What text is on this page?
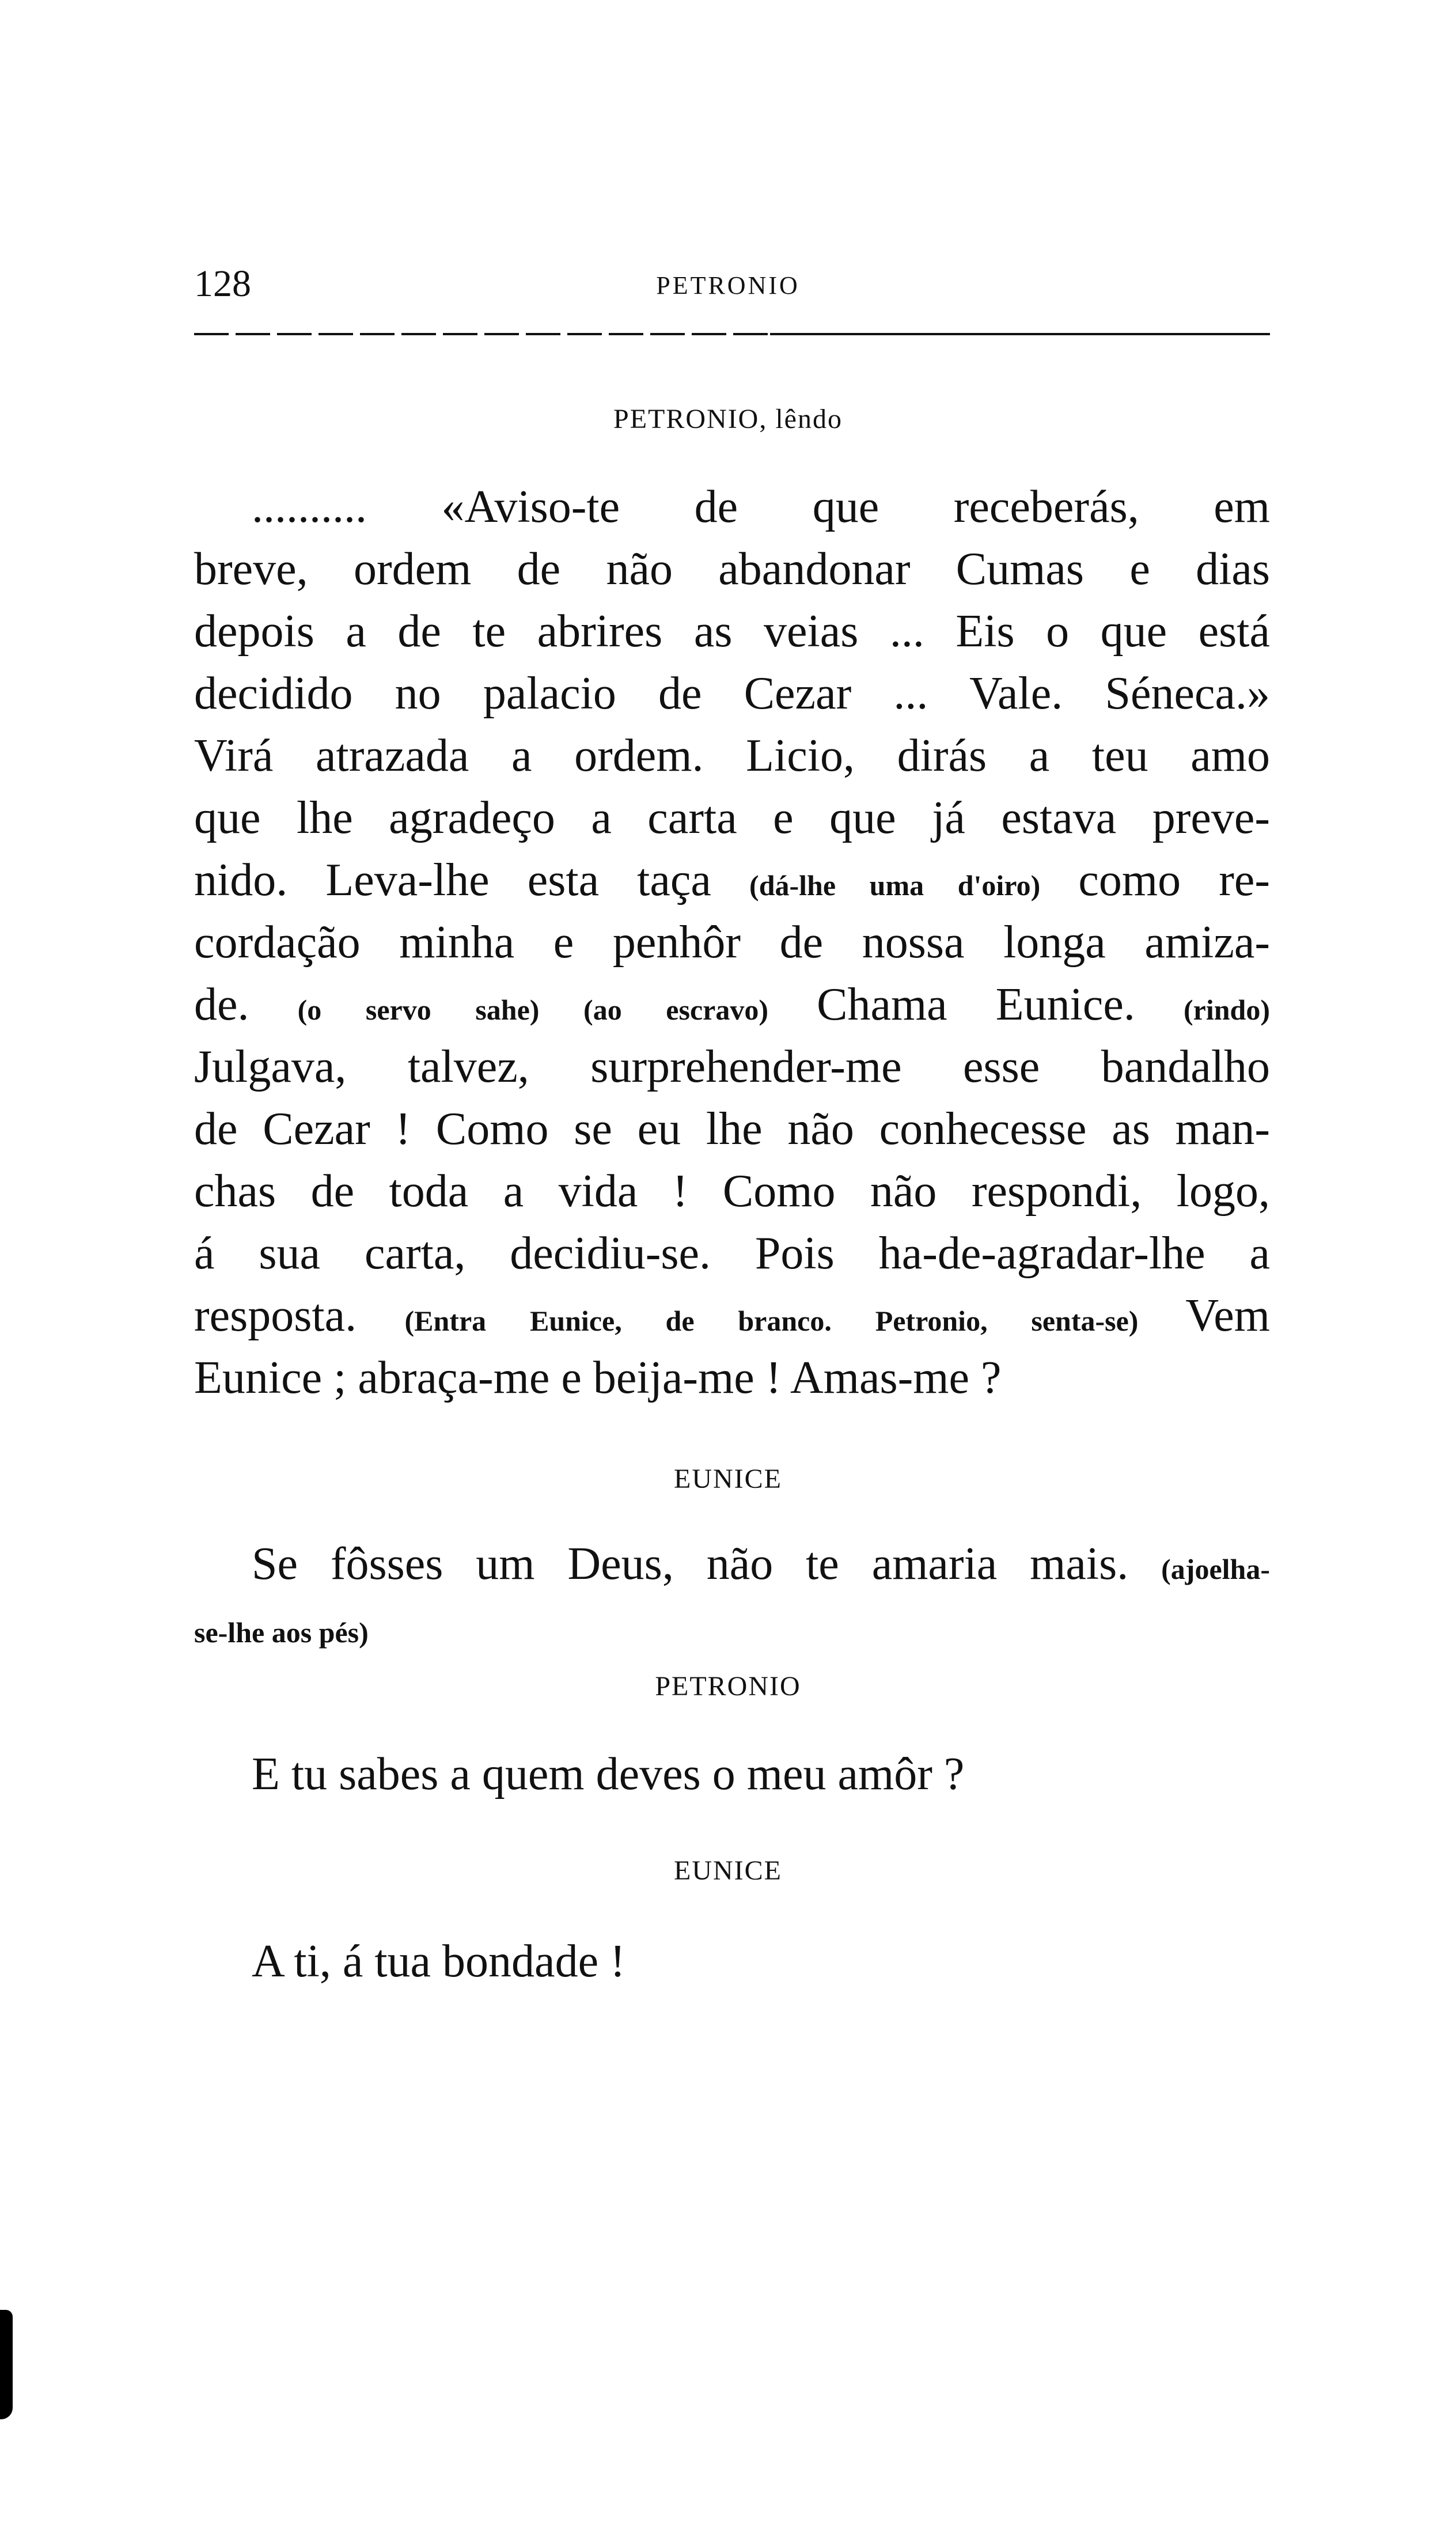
128	PETRONIO
PETRONIO, lêndo
.......... «Aviso-te de que receberás, em
breve, ordem de não abandonar Cumas e dias
depois a de te abrires as veias ... Eis o que está
decidido no palacio de Cezar ... Vale. Séneca.»
Virá atrazada a ordem. Licio, dirás a teu amo
que lhe agradeço a carta e que já estava preve-
nido. Leva-lhe esta taça (dá-lhe uma d'oiro) como re-
cordação minha e penhôr de nossa longa amiza-
de. (o servo sahe) (ao escravo) Chama Eunice. (rindo)
Julgava, talvez, surprehender-me esse bandalho
de Cezar ! Como se eu lhe não conhecesse as man-
chas de toda a vida ! Como não respondi, logo,
á sua carta, decidiu-se. Pois ha-de-agradar-lhe a
resposta. (Entra Eunice, de branco. Petronio, senta-se) Vem
Eunice ; abraça-me e beija-me ! Amas-me ?
EUNICE
Se fôsses um Deus, não te amaria mais. (ajoelha-
se-lhe aos pés)
PETRONIO
E tu sabes a quem deves o meu amôr ?
EUNICE
A ti, á tua bondade !
